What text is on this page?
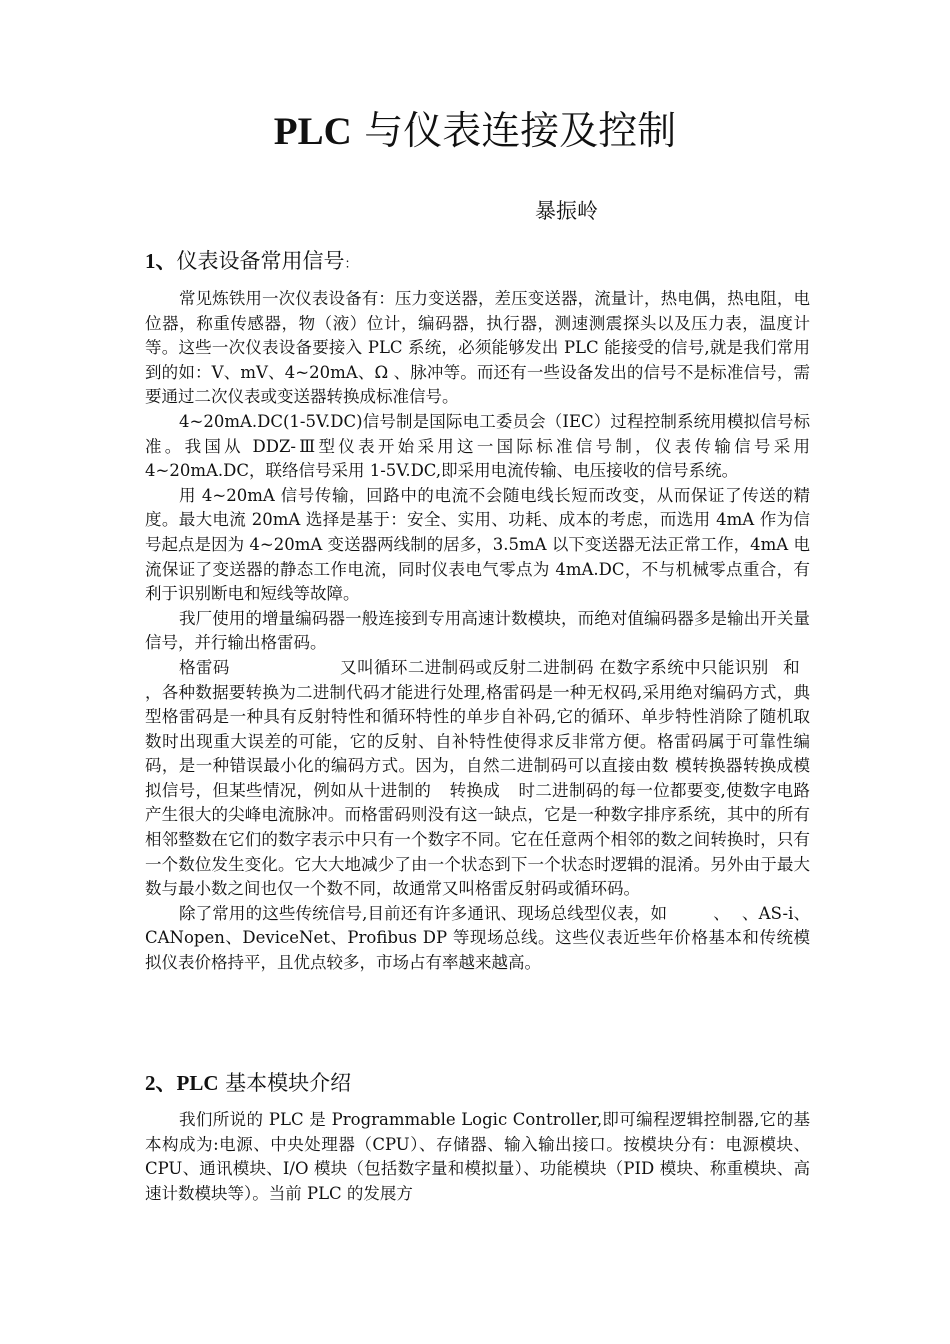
PLC 与仪表连接及控制
暴振岭
1、仪表设备常用信号：

常见炼铁用一次仪表设备有：压力变送器，差压变送器，流量计，热电偶，热电阻，电位器，称重传感器，物（液）位计，编码器，执行器，测速测震探头以及压力表，温度计等。这些一次仪表设备要接入 PLC 系统，必须能够发出 PLC 能接受的信号,就是我们常用到的如：V、mV、4~20mA、Ω 、脉冲等。而还有一些设备发出的信号不是标准信号，需要通过二次仪表或变送器转换成标准信号。

4~20mA.DC(1-5V.DC)信号制是国际电工委员会（IEC）过程控制系统用模拟信号标准。我国从 DDZ-Ⅲ型仪表开始采用这一国际标准信号制，仪表传输信号采用 4~20mA.DC，联络信号采用 1-5V.DC,即采用电流传输、电压接收的信号系统。

用 4~20mA 信号传输，回路中的电流不会随电线长短而改变，从而保证了传送的精度。最大电流 20mA 选择是基于：安全、实用、功耗、成本的考虑，而选用 4mA 作为信号起点是因为 4~20mA 变送器两线制的居多，3.5mA 以下变送器无法正常工作，4mA 电流保证了变送器的静态工作电流，同时仪表电气零点为 4mA.DC，不与机械零点重合，有利于识别断电和短线等故障。

我厂使用的增量编码器一般连接到专用高速计数模块，而绝对值编码器多是输出开关量信号，并行输出格雷码。

格雷码	又叫循环二进制码或反射二进制码 在数字系统中只能识别 和，各种数据要转换为二进制代码才能进行处理,格雷码是一种无权码,采用绝对编码方式，典型格雷码是一种具有反射特性和循环特性的单步自补码,它的循环、单步特性消除了随机取数时出现重大误差的可能，它的反射、自补特性使得求反非常方便。格雷码属于可靠性编码，是一种错误最小化的编码方式。因为，自然二进制码可以直接由数 模转换器转换成模拟信号，但某些情况，例如从十进制的 转换成 时二进制码的每一位都要变,使数字电路产生很大的尖峰电流脉冲。而格雷码则没有这一缺点，它是一种数字排序系统，其中的所有相邻整数在它们的数字表示中只有一个数字不同。它在任意两个相邻的数之间转换时，只有一个数位发生变化。它大大地减少了由一个状态到下一个状态时逻辑的混淆。另外由于最大数与最小数之间也仅一个数不同，故通常又叫格雷反射码或循环码。

除了常用的这些传统信号,目前还有许多通讯、现场总线型仪表，如	、 、AS-i、CANopen、DeviceNet、Profibus DP 等现场总线。这些仪表近些年价格基本和传统模拟仪表价格持平，且优点较多，市场占有率越来越高。

2、PLC 基本模块介绍

我们所说的 PLC 是 Programmable Logic Controller,即可编程逻辑控制器,它的基本构成为:电源、中央处理器（CPU）、存储器、输入输出接口。按模块分有：电源模块、CPU、通讯模块、I/O 模块（包括数字量和模拟量）、功能模块（PID 模块、称重模块、高速计数模块等）。当前 PLC 的发展方
